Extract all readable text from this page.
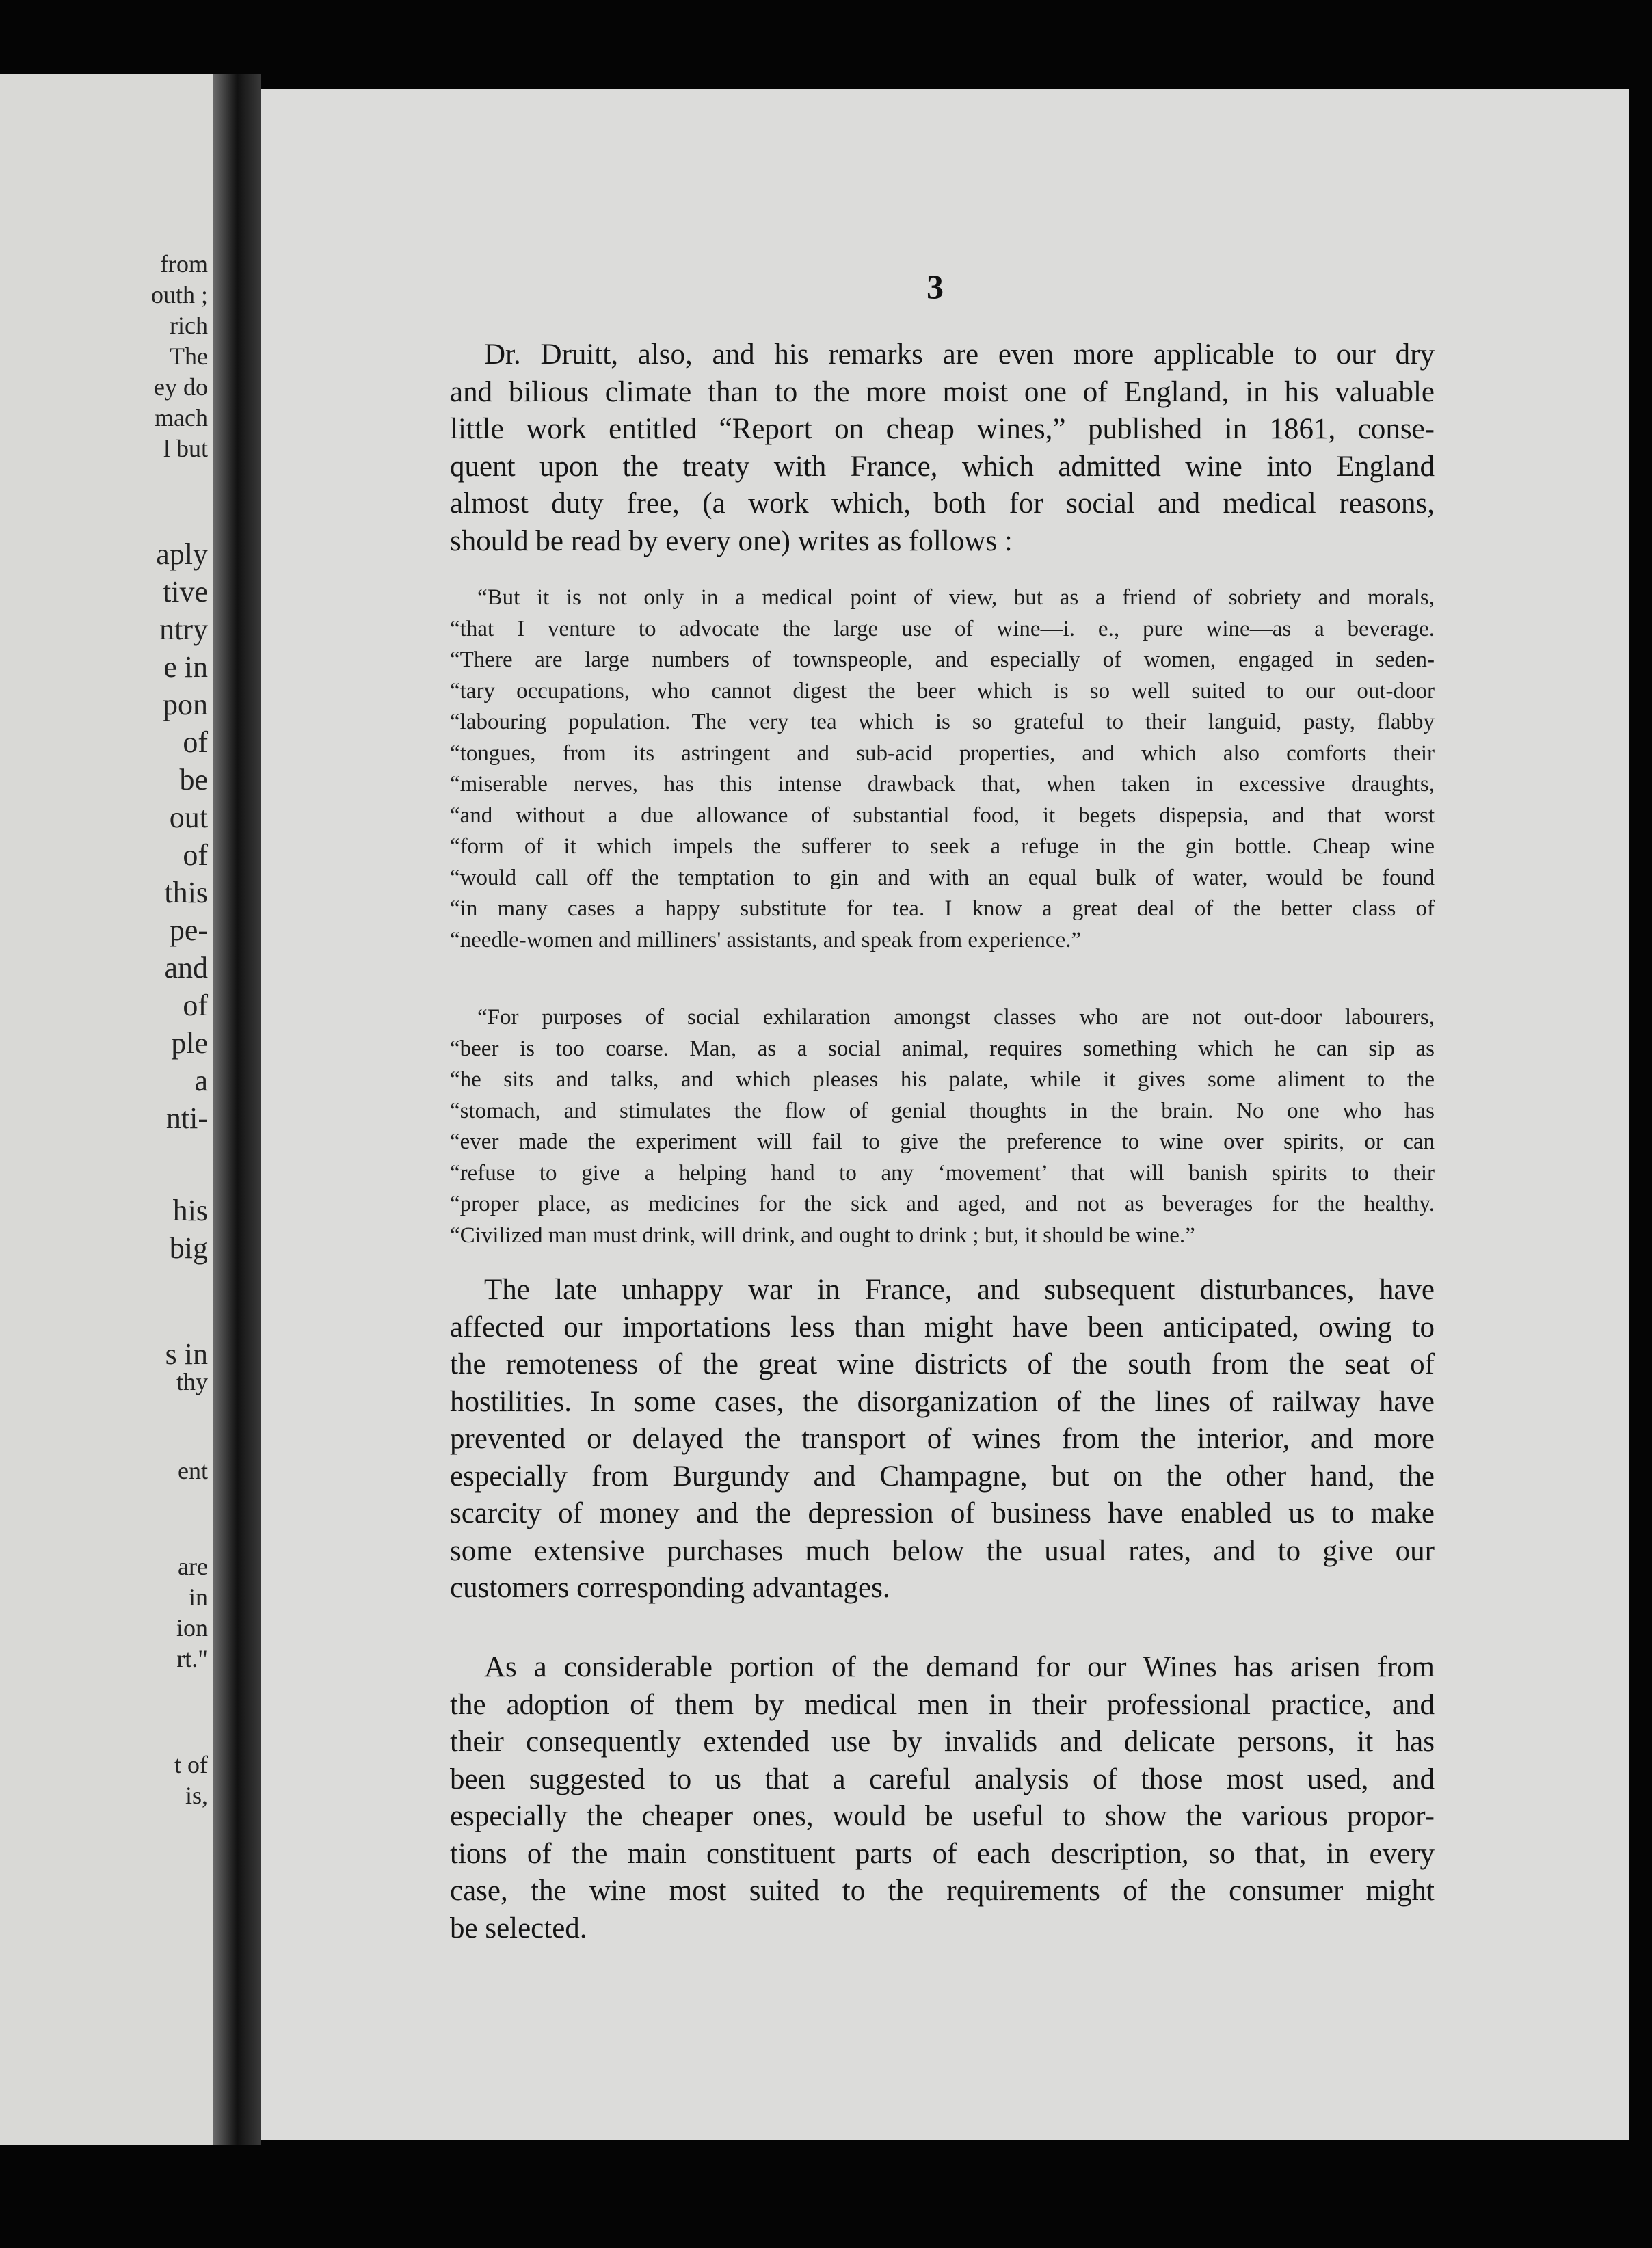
from
outh ;
rich
The
ey do
mach
l but
aply
tive
ntry
e in
pon
of
be
out
of
this
pe-
and
of
ple
a
nti-
his
big
s in
thy
ent
are
in
ion
rt."
t of
is,
3

Dr. Druitt, also, and his remarks are even more applicable to our dry
and bilious climate than to the more moist one of England, in his valuable
little work entitled “Report on cheap wines,” published in 1861, conse-
quent upon the treaty with France, which admitted wine into England
almost duty free, (a work which, both for social and medical reasons,
should be read by every one) writes as follows :

“But it is not only in a medical point of view, but as a friend of sobriety and morals,
“that I venture to advocate the large use of wine—i. e., pure wine—as a beverage.
“There are large numbers of townspeople, and especially of women, engaged in seden-
“tary occupations, who cannot digest the beer which is so well suited to our out-door
“labouring population. The very tea which is so grateful to their languid, pasty, flabby
“tongues, from its astringent and sub-acid properties, and which also comforts their
“miserable nerves, has this intense drawback that, when taken in excessive draughts,
“and without a due allowance of substantial food, it begets dispepsia, and that worst
“form of it which impels the sufferer to seek a refuge in the gin bottle. Cheap wine
“would call off the temptation to gin and with an equal bulk of water, would be found
“in many cases a happy substitute for tea. I know a great deal of the better class of
“needle-women and milliners' assistants, and speak from experience.”

“For purposes of social exhilaration amongst classes who are not out-door labourers,
“beer is too coarse. Man, as a social animal, requires something which he can sip as
“he sits and talks, and which pleases his palate, while it gives some aliment to the
“stomach, and stimulates the flow of genial thoughts in the brain. No one who has
“ever made the experiment will fail to give the preference to wine over spirits, or can
“refuse to give a helping hand to any ‘movement’ that will banish spirits to their
“proper place, as medicines for the sick and aged, and not as beverages for the healthy.
“Civilized man must drink, will drink, and ought to drink ; but, it should be wine.”

The late unhappy war in France, and subsequent disturbances, have
affected our importations less than might have been anticipated, owing to
the remoteness of the great wine districts of the south from the seat of
hostilities. In some cases, the disorganization of the lines of railway have
prevented or delayed the transport of wines from the interior, and more
especially from Burgundy and Champagne, but on the other hand, the
scarcity of money and the depression of business have enabled us to make
some extensive purchases much below the usual rates, and to give our
customers corresponding advantages.

As a considerable portion of the demand for our Wines has arisen from
the adoption of them by medical men in their professional practice, and
their consequently extended use by invalids and delicate persons, it has
been suggested to us that a careful analysis of those most used, and
especially the cheaper ones, would be useful to show the various propor-
tions of the main constituent parts of each description, so that, in every
case, the wine most suited to the requirements of the consumer might
be selected.
